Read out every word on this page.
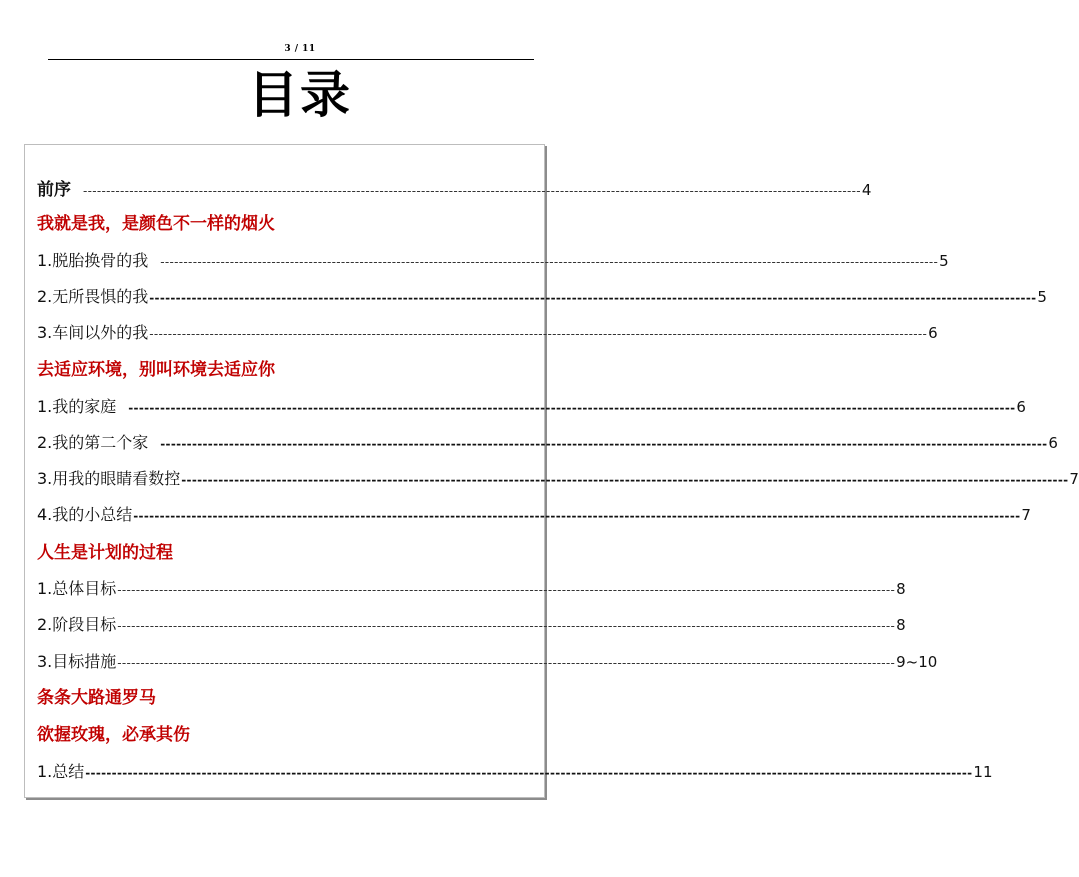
3 / 11
目录
前序 ------------------------------------------------------------------------------------------------------------------------------------------------------------------------ 4
我就是我，是颜色不一样的烟火
1.脱胎换骨的我 ------------------------------------------------------------------------------------------------------------------------------------------------------------------------ 5
2.无所畏惧的我 ------------------------------------------------------------------------------------------------------------------------------------------------------------------------ 5
3.车间以外的我 ------------------------------------------------------------------------------------------------------------------------------------------------------------------------ 6
去适应环境，别叫环境去适应你
1.我的家庭 ------------------------------------------------------------------------------------------------------------------------------------------------------------------------ 6
2.我的第二个家 ------------------------------------------------------------------------------------------------------------------------------------------------------------------------ 6
3.用我的眼睛看数控 ------------------------------------------------------------------------------------------------------------------------------------------------------------------------ 7
4.我的小总结 ------------------------------------------------------------------------------------------------------------------------------------------------------------------------ 7
人生是计划的过程
1.总体目标 ------------------------------------------------------------------------------------------------------------------------------------------------------------------------ 8
2.阶段目标 ------------------------------------------------------------------------------------------------------------------------------------------------------------------------ 8
3.目标措施 ------------------------------------------------------------------------------------------------------------------------------------------------------------------------ 9~10
条条大路通罗马
欲握玫瑰，必承其伤
1.总结 ------------------------------------------------------------------------------------------------------------------------------------------------------------------------ 11
